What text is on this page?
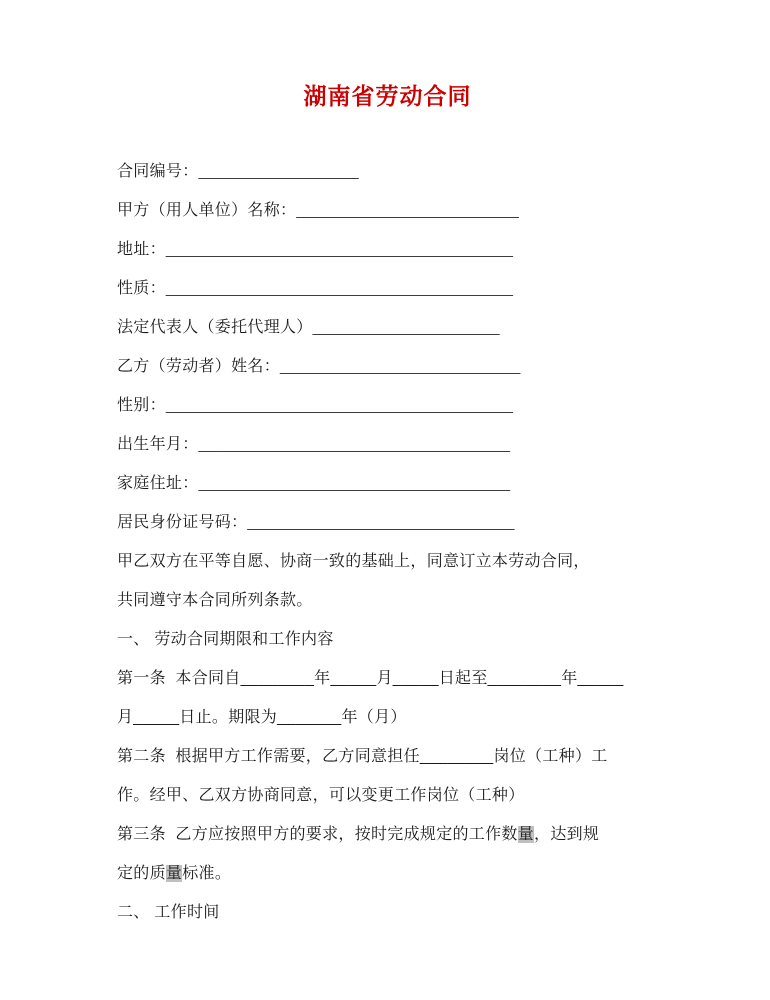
湖南省劳动合同

合同编号：__________________

甲方（用人单位）名称：_________________________

地址：_______________________________________

性质：_______________________________________

法定代表人（委托代理人）_____________________

乙方（劳动者）姓名：___________________________

性别：_______________________________________

出生年月：___________________________________

家庭住址：___________________________________

居民身份证号码：______________________________

甲乙双方在平等自愿、协商一致的基础上，同意订立本劳动合同，

共同遵守本合同所列条款。

一、 劳动合同期限和工作内容

第一条  本合同自________年_____月_____日起至________年_____

月_____日止。期限为_______年（月）

第二条  根据甲方工作需要，乙方同意担任________岗位（工种）工

作。经甲、乙双方协商同意，可以变更工作岗位（工种）

第三条  乙方应按照甲方的要求，按时完成规定的工作数量，达到规

定的质量标准。

二、 工作时间
